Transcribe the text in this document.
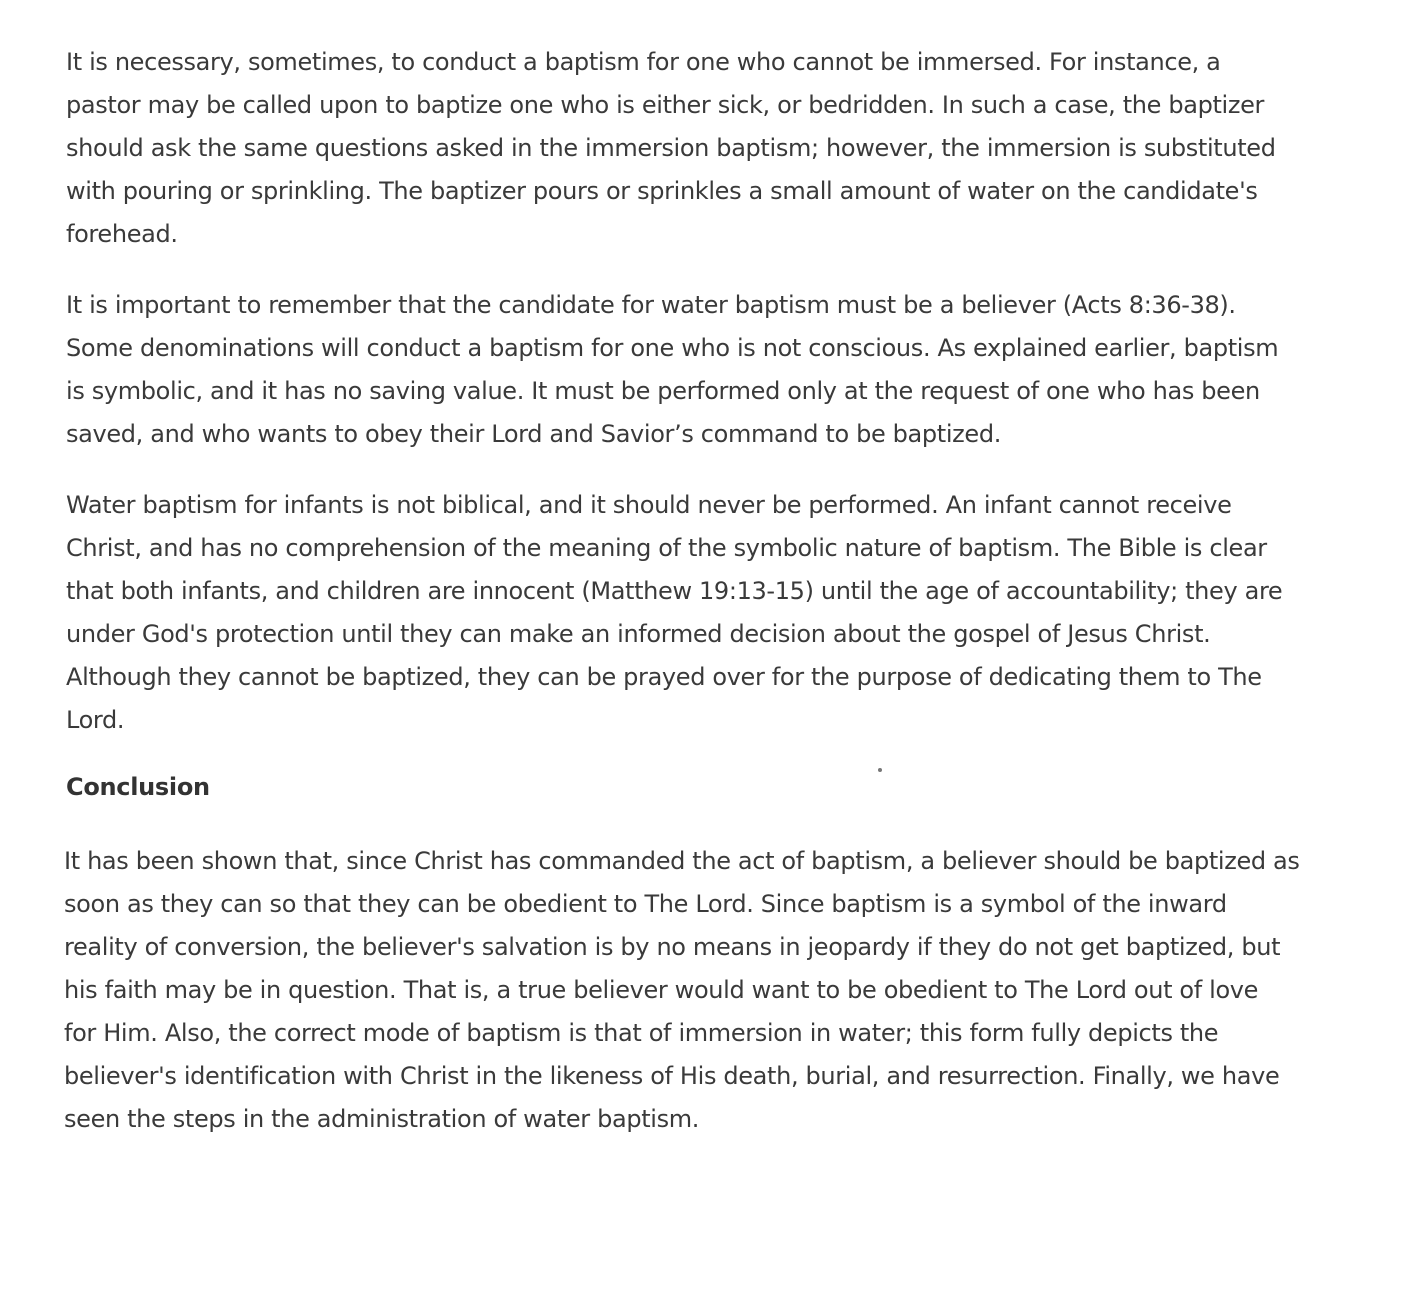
It is necessary, sometimes, to conduct a baptism for one who cannot be immersed. For instance, a
pastor may be called upon to baptize one who is either sick, or bedridden. In such a case, the baptizer
should ask the same questions asked in the immersion baptism; however, the immersion is substituted
with pouring or sprinkling. The baptizer pours or sprinkles a small amount of water on the candidate's
forehead.

It is important to remember that the candidate for water baptism must be a believer (Acts 8:36-38).
Some denominations will conduct a baptism for one who is not conscious. As explained earlier, baptism
is symbolic, and it has no saving value. It must be performed only at the request of one who has been
saved, and who wants to obey their Lord and Savior’s command to be baptized.

Water baptism for infants is not biblical, and it should never be performed. An infant cannot receive
Christ, and has no comprehension of the meaning of the symbolic nature of baptism. The Bible is clear
that both infants, and children are innocent (Matthew 19:13-15) until the age of accountability; they are
under God's protection until they can make an informed decision about the gospel of Jesus Christ.
Although they cannot be baptized, they can be prayed over for the purpose of dedicating them to The
Lord.

Conclusion

It has been shown that, since Christ has commanded the act of baptism, a believer should be baptized as
soon as they can so that they can be obedient to The Lord. Since baptism is a symbol of the inward
reality of conversion, the believer's salvation is by no means in jeopardy if they do not get baptized, but
his faith may be in question. That is, a true believer would want to be obedient to The Lord out of love
for Him. Also, the correct mode of baptism is that of immersion in water; this form fully depicts the
believer's identification with Christ in the likeness of His death, burial, and resurrection. Finally, we have
seen the steps in the administration of water baptism.
